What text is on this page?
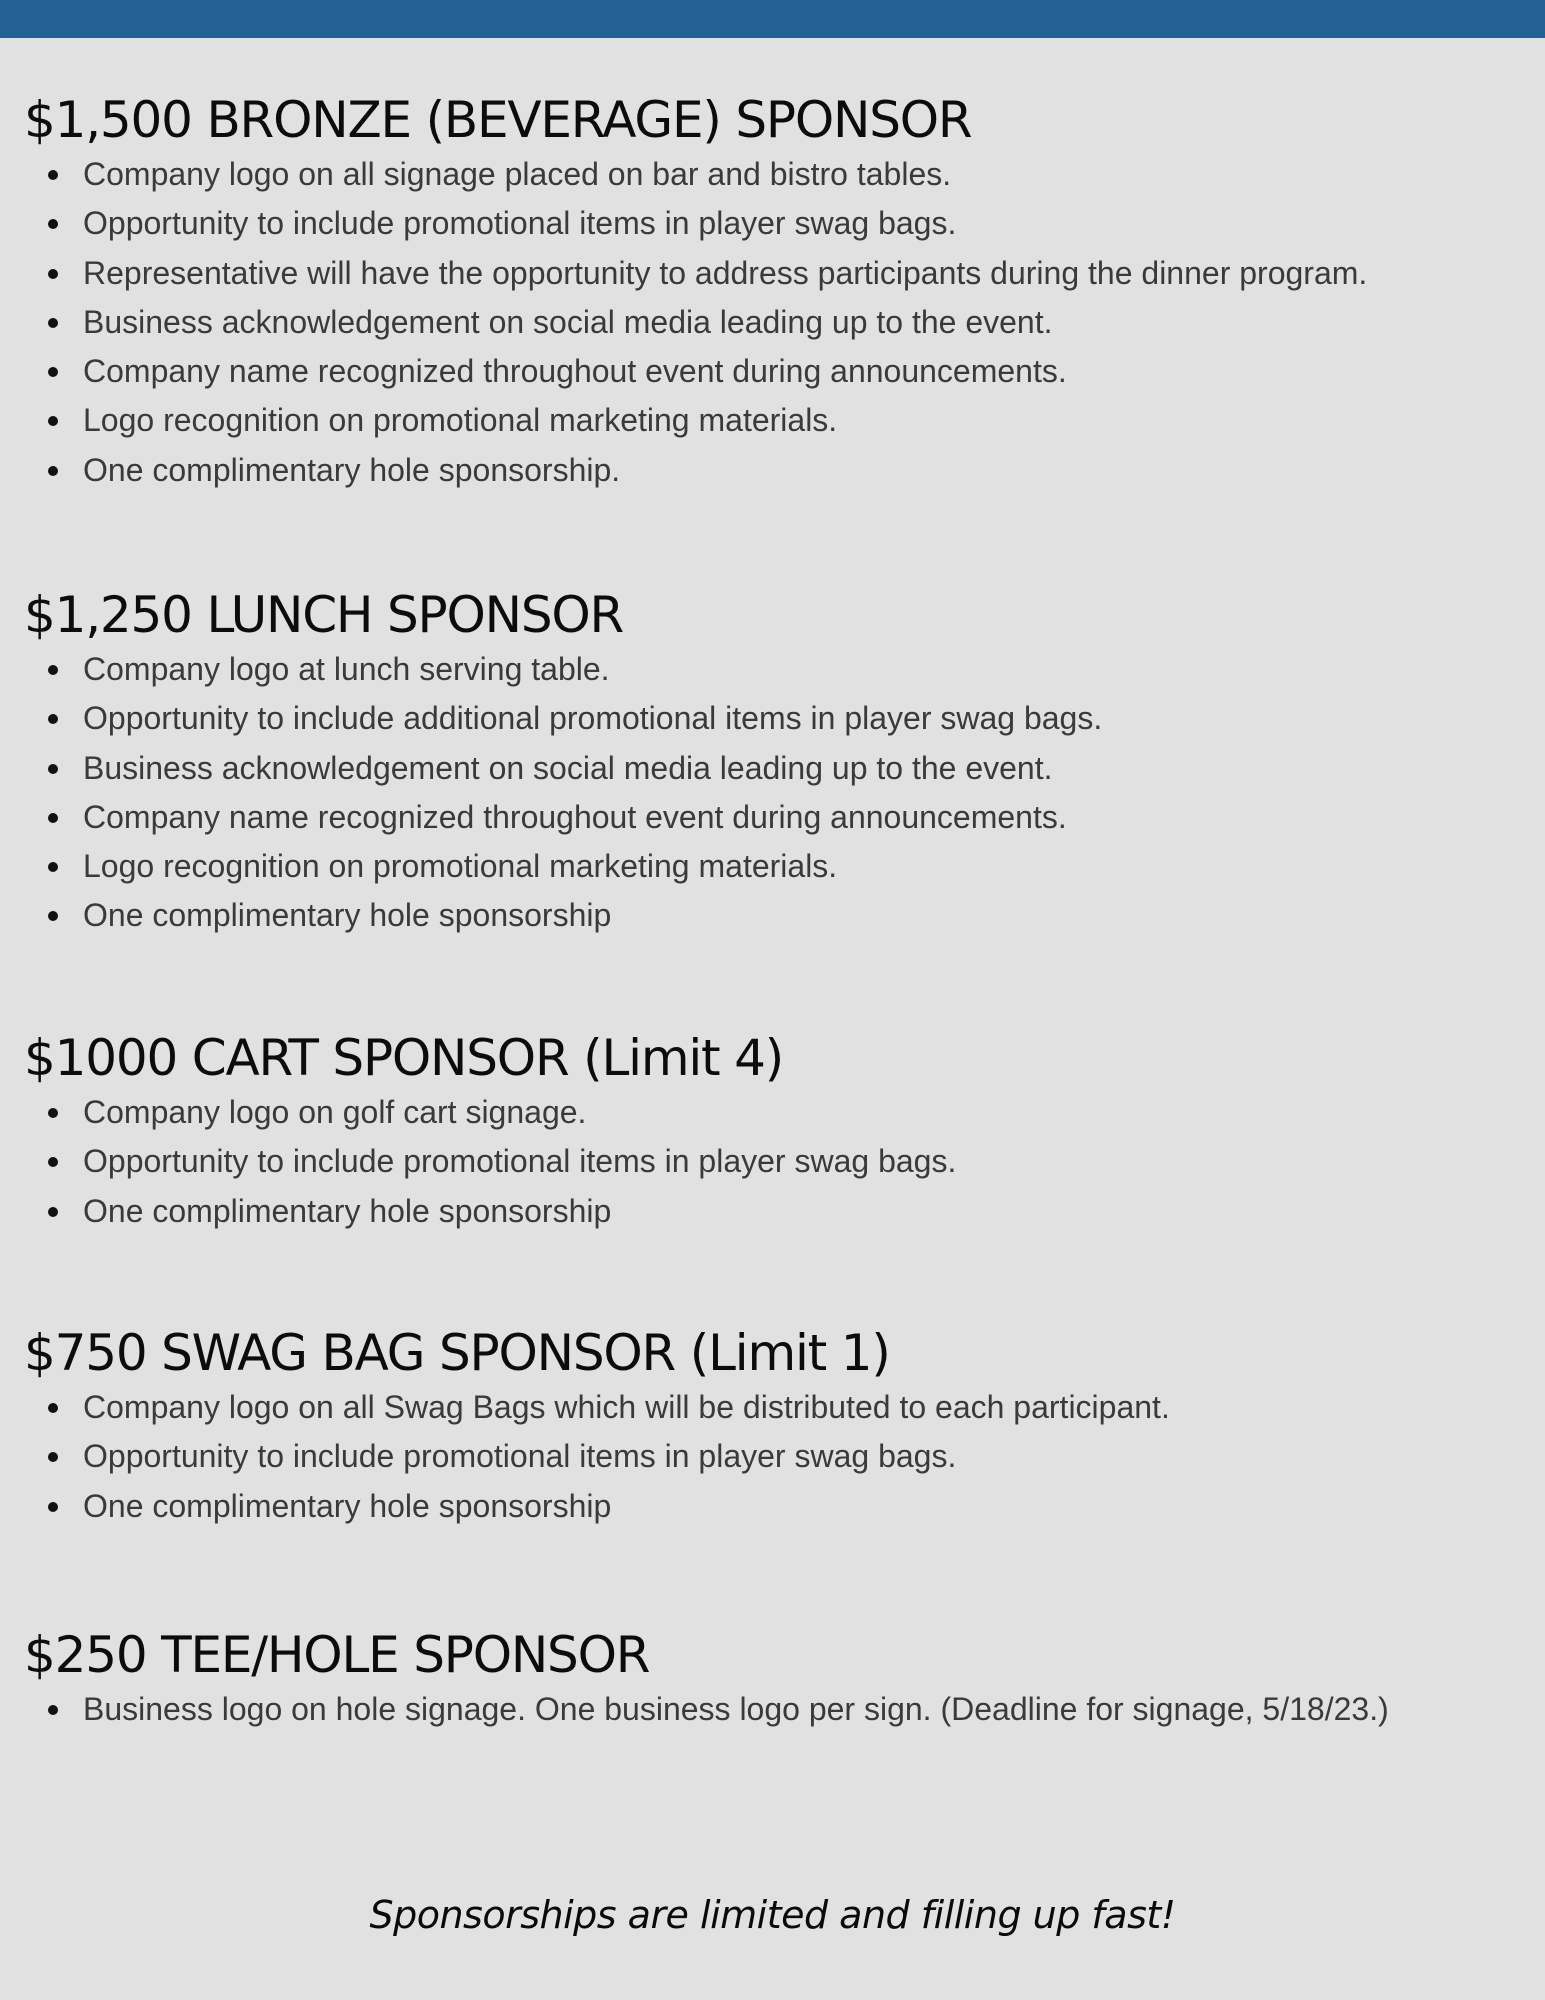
$1,500 BRONZE (BEVERAGE) SPONSOR
Company logo on all signage placed on bar and bistro tables.
Opportunity to include promotional items in player swag bags.
Representative will have the opportunity to address participants during the dinner program.
Business acknowledgement on social media leading up to the event.
Company name recognized throughout event during announcements.
Logo recognition on promotional marketing materials.
One complimentary hole sponsorship.
$1,250 LUNCH SPONSOR
Company logo at lunch serving table.
Opportunity to include additional promotional items in player swag bags.
Business acknowledgement on social media leading up to the event.
Company name recognized throughout event during announcements.
Logo recognition on promotional marketing materials.
One complimentary hole sponsorship
$1000 CART SPONSOR (Limit 4)
Company logo on golf cart signage.
Opportunity to include promotional items in player swag bags.
One complimentary hole sponsorship
$750 SWAG BAG SPONSOR (Limit 1)
Company logo on all Swag Bags which will be distributed to each participant.
Opportunity to include promotional items in player swag bags.
One complimentary hole sponsorship
$250 TEE/HOLE SPONSOR
Business logo on hole signage. One business logo per sign. (Deadline for signage, 5/18/23.)
Sponsorships are limited and filling up fast!
